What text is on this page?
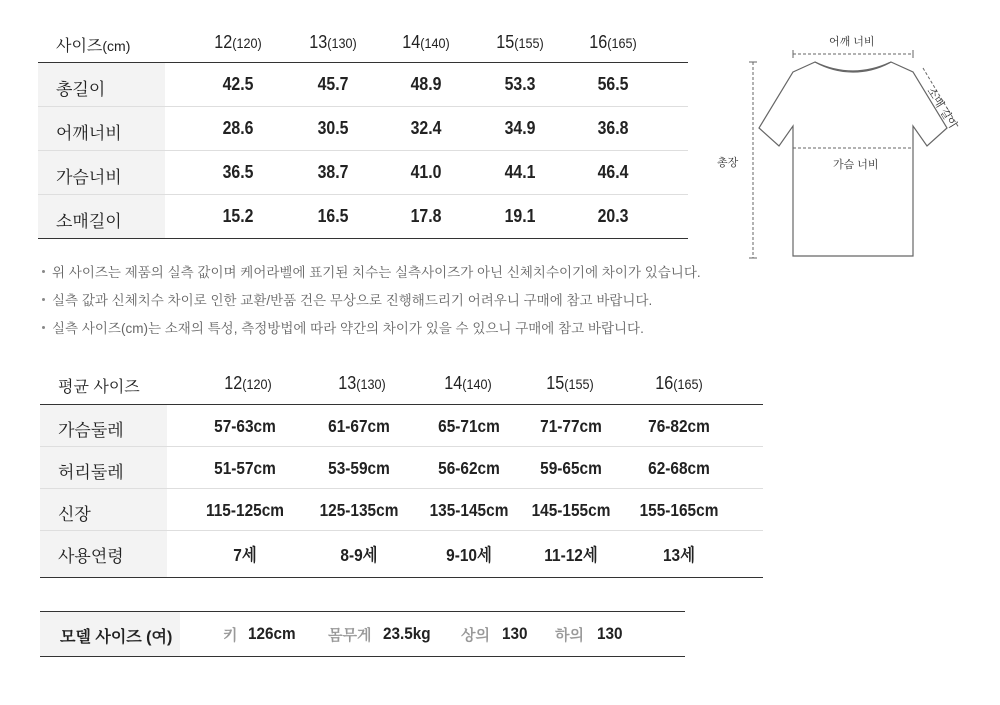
사이즈(cm)	12(120)	13(130)	14(140)	15(155)	16(165)
총길이	42.5	45.7	48.9	53.3	56.5
어깨너비	28.6	30.5	32.4	34.9	36.8
가슴너비	36.5	38.7	41.0	44.1	46.4
소매길이	15.2	16.5	17.8	19.1	20.3
위 사이즈는 제품의 실측 값이며 케어라벨에 표기된 치수는 실측사이즈가 아닌 신체치수이기에 차이가 있습니다.
실측 값과 신체치수 차이로 인한 교환/반품 건은 무상으로 진행해드리기 어려우니 구매에 참고 바랍니다.
실측 사이즈(cm)는 소재의 특성, 측정방법에 따라 약간의 차이가 있을 수 있으니 구매에 참고 바랍니다.
평균 사이즈	12(120)	13(130)	14(140)	15(155)	16(165)
가슴둘레	57-63cm	61-67cm	65-71cm	71-77cm	76-82cm
허리둘레	51-57cm	53-59cm	56-62cm	59-65cm	62-68cm
신장	115-125cm	125-135cm	135-145cm	145-155cm	155-165cm
사용연령	7세	8-9세	9-10세	11-12세	13세
모델 사이즈 (여)	키 126cm 몸무게 23.5kg 상의 130 하의 130
어깨 너비
가슴 너비
총장
소매 길이
